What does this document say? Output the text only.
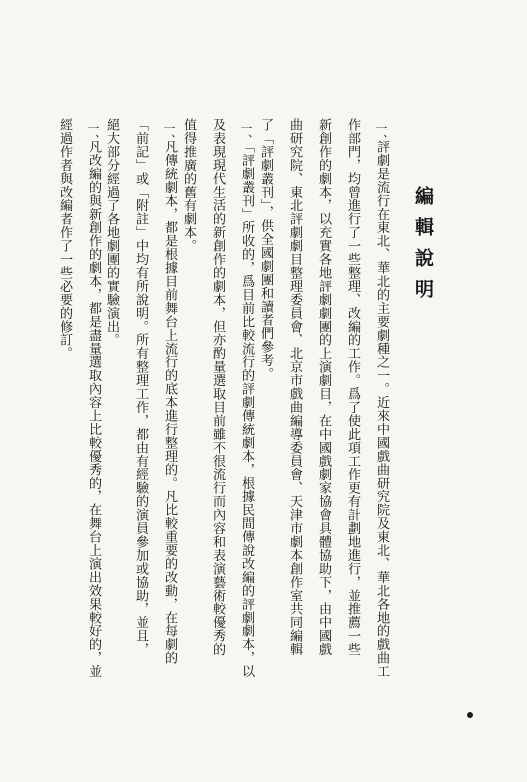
編輯說明
一、
評劇是流行在東北、華北的主要劇種之一。近來中國戲曲研究院及東北、華北各地的戲曲工
作部門，均曾進行了一些整理、改編的工作。爲了使此項工作更有計劃地進行，並推薦一些
新創作的劇本，以充實各地評劇劇團的上演劇目，在中國戲劇家協會具體協助下，由中國戲
曲研究院、東北評劇劇目整理委員會、北京市戲曲編導委員會、天津市劇本創作室共同編輯
了「評劇叢刊」，供全國劇團和讀者們參考。
一、
「評劇叢刊」所收的，爲目前比較流行的評劇傳統劇本，根據民間傳說改編的評劇劇本，以
及表現現代生活的新創作的劇本，但亦酌量選取目前雖不很流行而內容和表演藝術較優秀的
值得推廣的舊有劇本。
一、
凡傳統劇本，都是根據目前舞台上流行的底本進行整理的。凡比較重要的改動，在每劇的
「前記」或「附註」中均有所說明。所有整理工作，都由有經驗的演員參加或協助，並且，
絕大部分經過了各地劇團的實驗演出。
一、
凡改編的與新創作的劇本，都是盡量選取內容上比較優秀的，在舞台上演出效果較好的，並
經過作者與改編者作了一些必要的修訂。
